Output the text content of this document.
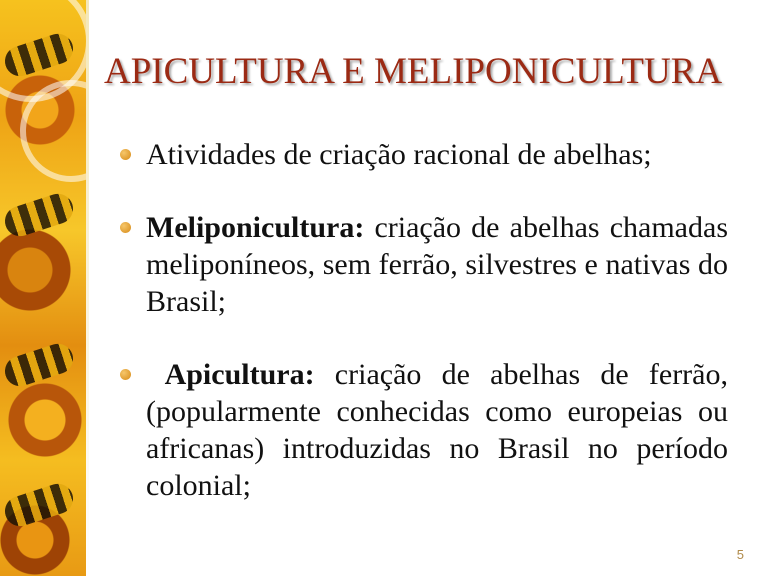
APICULTURA E MELIPONICULTURA
Atividades de criação racional de abelhas;
Meliponicultura: criação de abelhas chamadas meliponíneos, sem ferrão, silvestres e nativas do Brasil;
Apicultura: criação de abelhas de ferrão, (popularmente conhecidas como europeias ou africanas) introduzidas no Brasil no período colonial;
5
